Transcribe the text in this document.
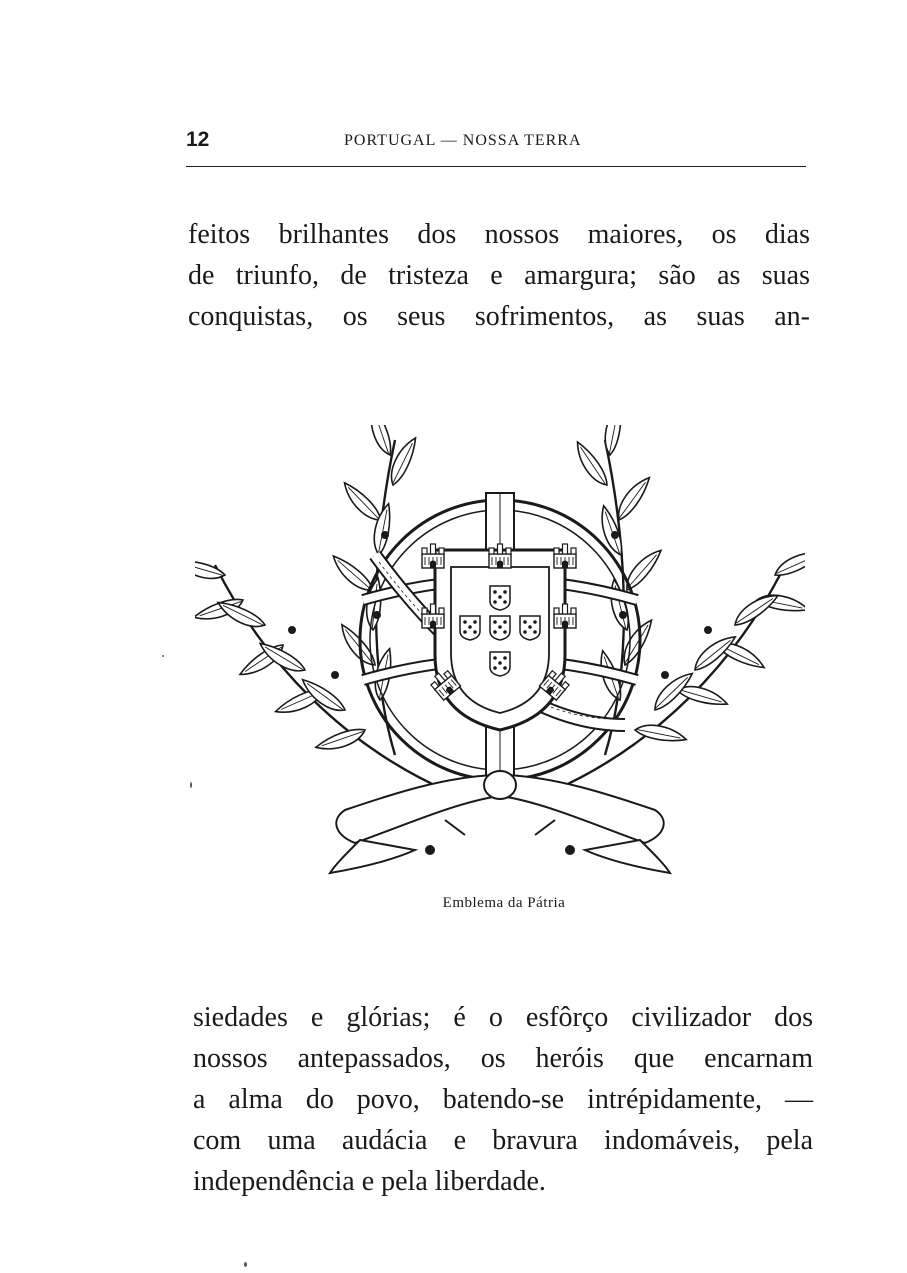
12	PORTUGAL — NOSSA TERRA

feitos brilhantes dos nossos maiores, os dias
de triunfo, de tristeza e amargura; são as suas
conquistas, os seus sofrimentos, as suas an-

Emblema da Pátria

siedades e glórias; é o esfôrço civilizador dos
nossos antepassados, os heróis que encarnam
a alma do povo, batendo-se intrépidamente, —
com uma audácia e bravura indomáveis, pela
independência e pela liberdade.
